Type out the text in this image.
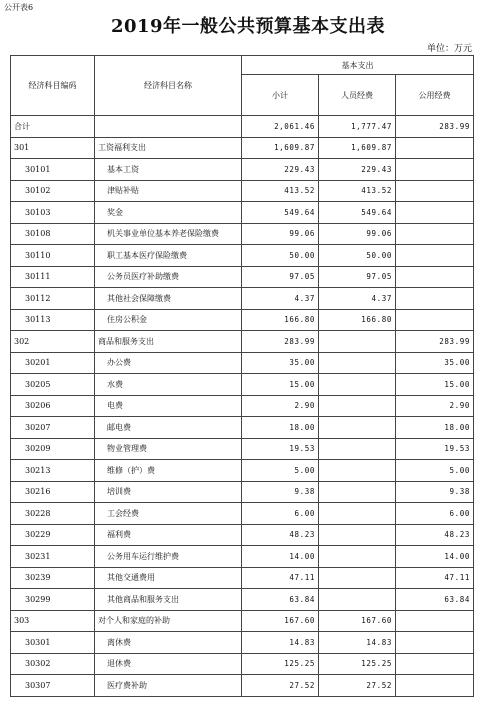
公开表6
2019年一般公共预算基本支出表
单位：万元
经济科目编码	经济科目名称	基本支出		
		小计	人员经费	公用经费
合计		2,061.46	1,777.47	283.99
301	工资福利支出	1,609.87	1,609.87	
30101	基本工资	229.43	229.43	
30102	津贴补贴	413.52	413.52	
30103	奖金	549.64	549.64	
30108	机关事业单位基本养老保险缴费	99.06	99.06	
30110	职工基本医疗保险缴费	50.00	50.00	
30111	公务员医疗补助缴费	97.05	97.05	
30112	其他社会保障缴费	4.37	4.37	
30113	住房公积金	166.80	166.80	
302	商品和服务支出	283.99		283.99
30201	办公费	35.00		35.00
30205	水费	15.00		15.00
30206	电费	2.90		2.90
30207	邮电费	18.00		18.00
30209	物业管理费	19.53		19.53
30213	维修（护）费	5.00		5.00
30216	培训费	9.38		9.38
30228	工会经费	6.00		6.00
30229	福利费	48.23		48.23
30231	公务用车运行维护费	14.00		14.00
30239	其他交通费用	47.11		47.11
30299	其他商品和服务支出	63.84		63.84
303	对个人和家庭的补助	167.60	167.60	
30301	离休费	14.83	14.83	
30302	退休费	125.25	125.25	
30307	医疗费补助	27.52	27.52	
